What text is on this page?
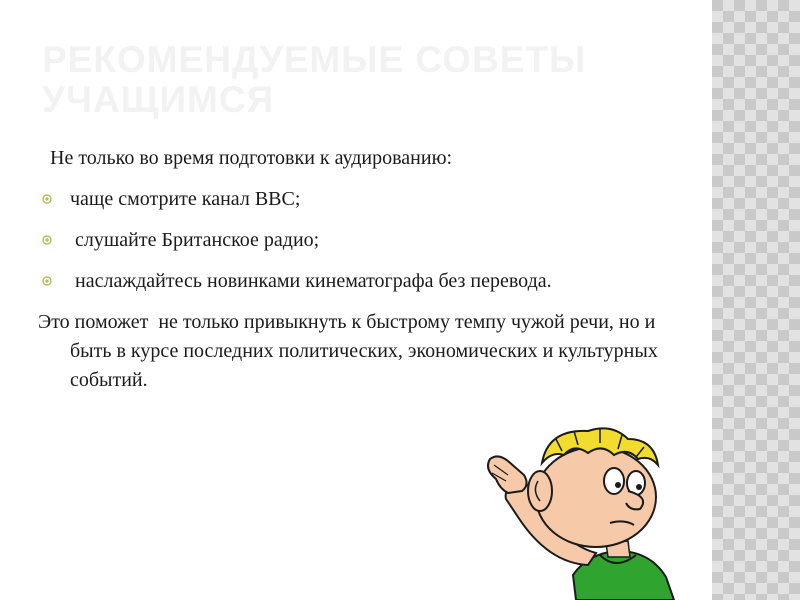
РЕКОМЕНДУЕМЫЕ СОВЕТЫ УЧАЩИМСЯ

Не только во время подготовки к аудированию:

чаще смотрите канал BBC;
слушайте Британское радио;
наслаждайтесь новинками кинематографа без перевода.

Это поможет  не только привыкнуть к быстрому темпу чужой речи, но и быть в курсе последних политических, экономических и культурных событий.
